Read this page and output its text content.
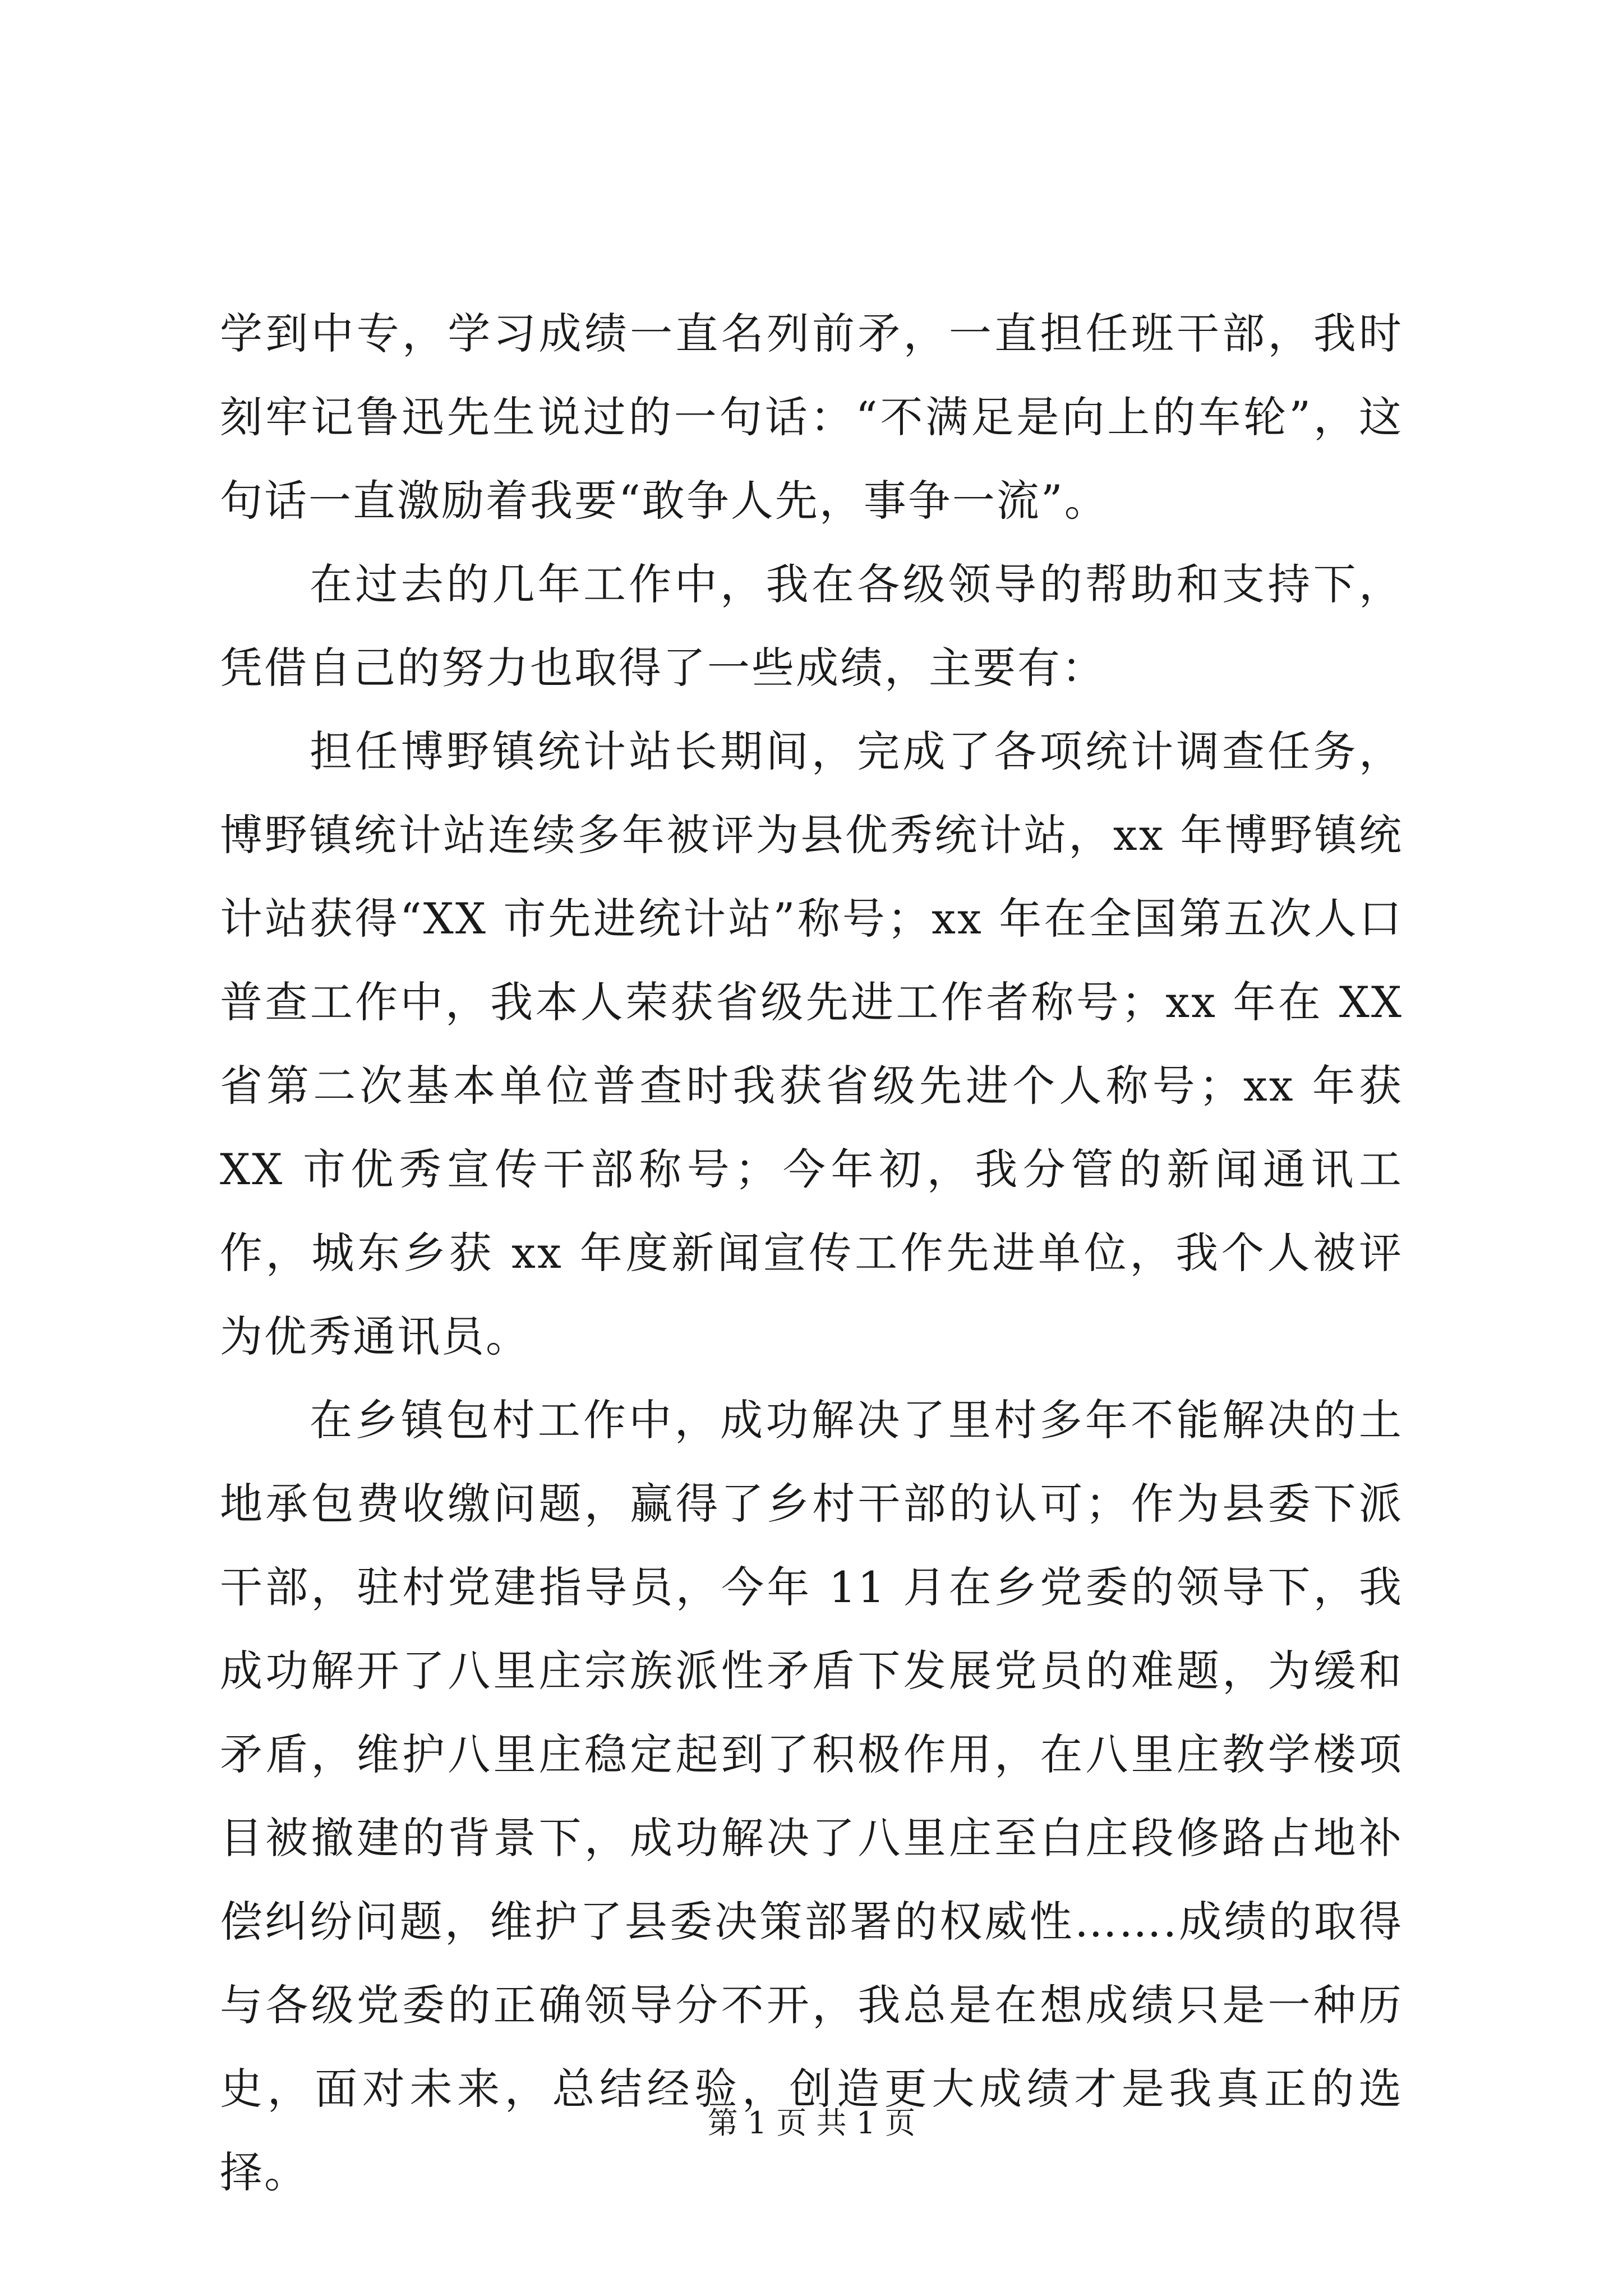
学到中专，学习成绩一直名列前矛，一直担任班干部，我时刻牢记鲁迅先生说过的一句话：“不满足是向上的车轮”，这句话一直激励着我要“敢争人先，事争一流”。

在过去的几年工作中，我在各级领导的帮助和支持下，凭借自己的努力也取得了一些成绩，主要有：

担任博野镇统计站长期间，完成了各项统计调查任务，博野镇统计站连续多年被评为县优秀统计站，xx 年博野镇统计站获得“XX 市先进统计站”称号；xx 年在全国第五次人口普查工作中，我本人荣获省级先进工作者称号；xx 年在 XX 省第二次基本单位普查时我获省级先进个人称号；xx 年获 XX 市优秀宣传干部称号；今年初，我分管的新闻通讯工作，城东乡获 xx 年度新闻宣传工作先进单位，我个人被评为优秀通讯员。

在乡镇包村工作中，成功解决了里村多年不能解决的土地承包费收缴问题，赢得了乡村干部的认可；作为县委下派干部，驻村党建指导员，今年 11 月在乡党委的领导下，我成功解开了八里庄宗族派性矛盾下发展党员的难题，为缓和矛盾，维护八里庄稳定起到了积极作用，在八里庄教学楼项目被撤建的背景下，成功解决了八里庄至白庄段修路占地补偿纠纷问题，维护了县委决策部署的权威性…….成绩的取得与各级党委的正确领导分不开，我总是在想成绩只是一种历史，面对未来，总结经验，创造更大成绩才是我真正的选择。

第 1 页 共 1 页
